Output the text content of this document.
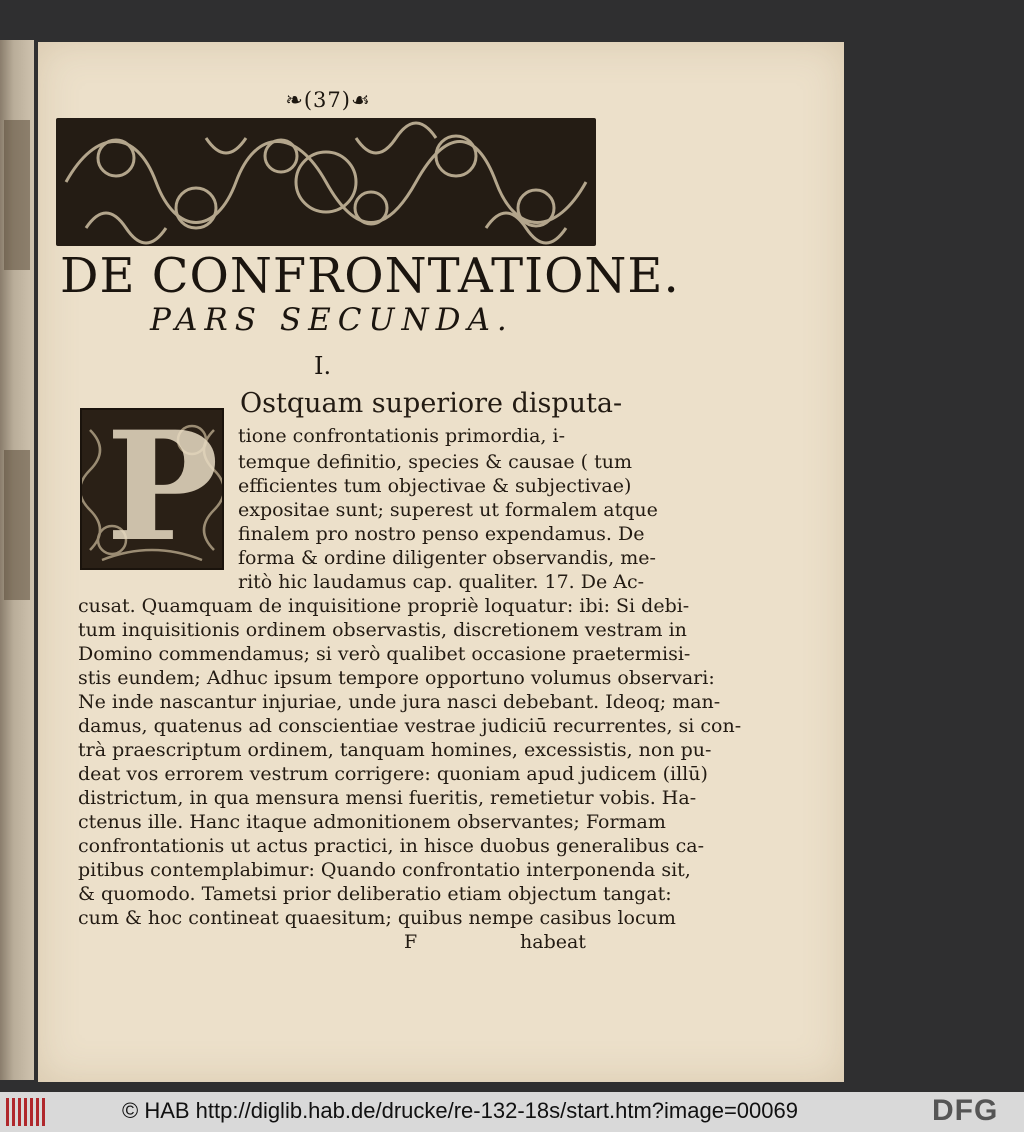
❧(37)☙
DE CONFRONTATIONE.
PARS SECUNDA.
I.
P Ostquam superiore disputa-
tione confrontationis primordia, i-
temque definitio, species & causae ( tum
efficientes tum objectivae & subjectivae)
expositae sunt; superest ut formalem atque
finalem pro nostro penso expendamus. De
forma & ordine diligenter observandis, me-
ritò hic laudamus cap. qualiter. 17. De Ac-
cusat. Quamquam de inquisitione propriè loquatur: ibi: Si debi-
tum inquisitionis ordinem observastis, discretionem vestram in
Domino commendamus; si verò qualibet occasione praetermisi-
stis eundem; Adhuc ipsum tempore opportuno volumus observari:
Ne inde nascantur injuriae, unde jura nasci debebant. Ideoq; man-
damus, quatenus ad conscientiae vestrae judiciū recurrentes, si con-
trà praescriptum ordinem, tanquam homines, excessistis, non pu-
deat vos errorem vestrum corrigere: quoniam apud judicem (illū)
districtum, in qua mensura mensi fueritis, remetietur vobis. Ha-
ctenus ille. Hanc itaque admonitionem observantes; Formam
confrontationis ut actus practici, in hisce duobus generalibus ca-
pitibus contemplabimur: Quando confrontatio interponenda sit,
& quomodo. Tametsi prior deliberatio etiam objectum tangat:
cum & hoc contineat quaesitum; quibus nempe casibus locum
F	habeat
© HAB http://diglib.hab.de/drucke/re-132-18s/start.htm?image=00069	DFG
